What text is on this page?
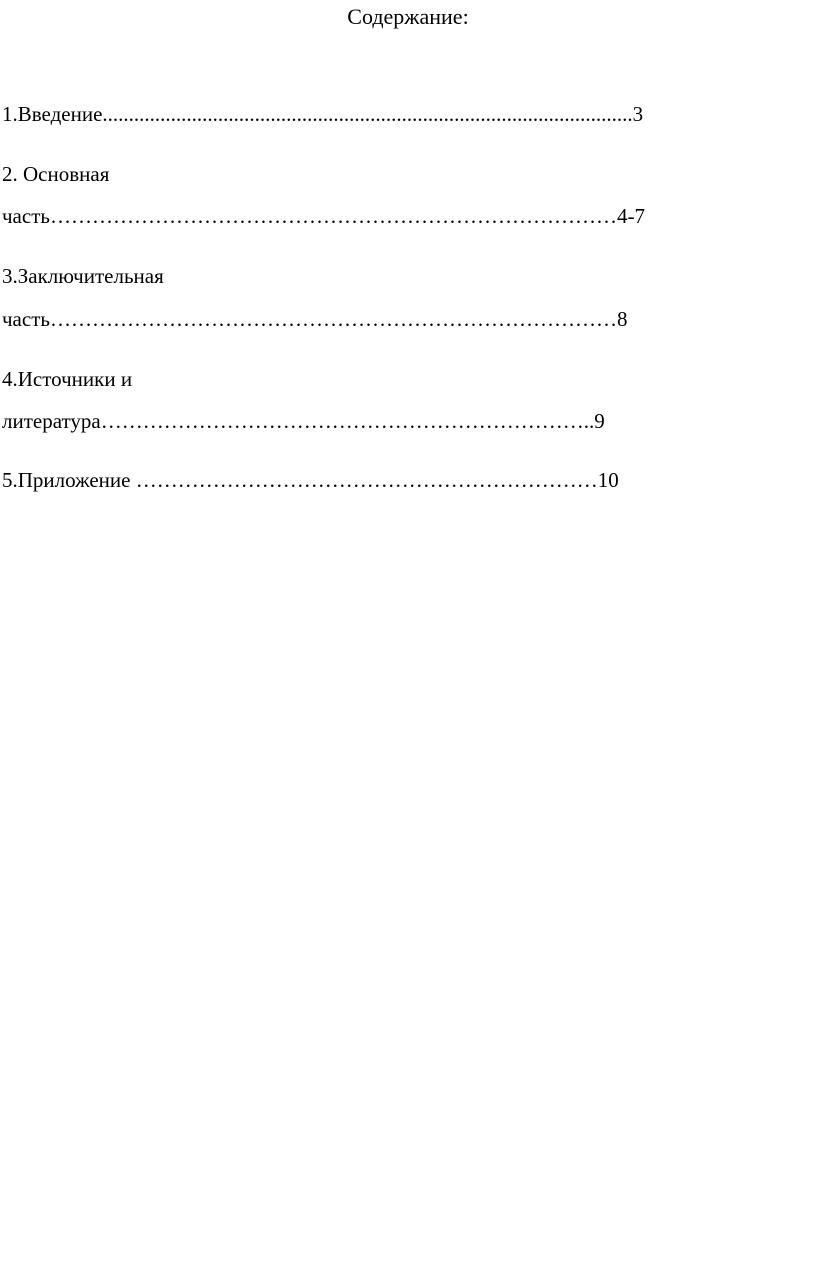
Содержание:
1.Введение.....................................................................................................3
2. Основная
часть………………………………………………………………………4-7
3.Заключительная
часть………………………………………………………………………8
4.Источники и
литература……………………………………………………………..9
5.Приложение …………………………………………………………10
